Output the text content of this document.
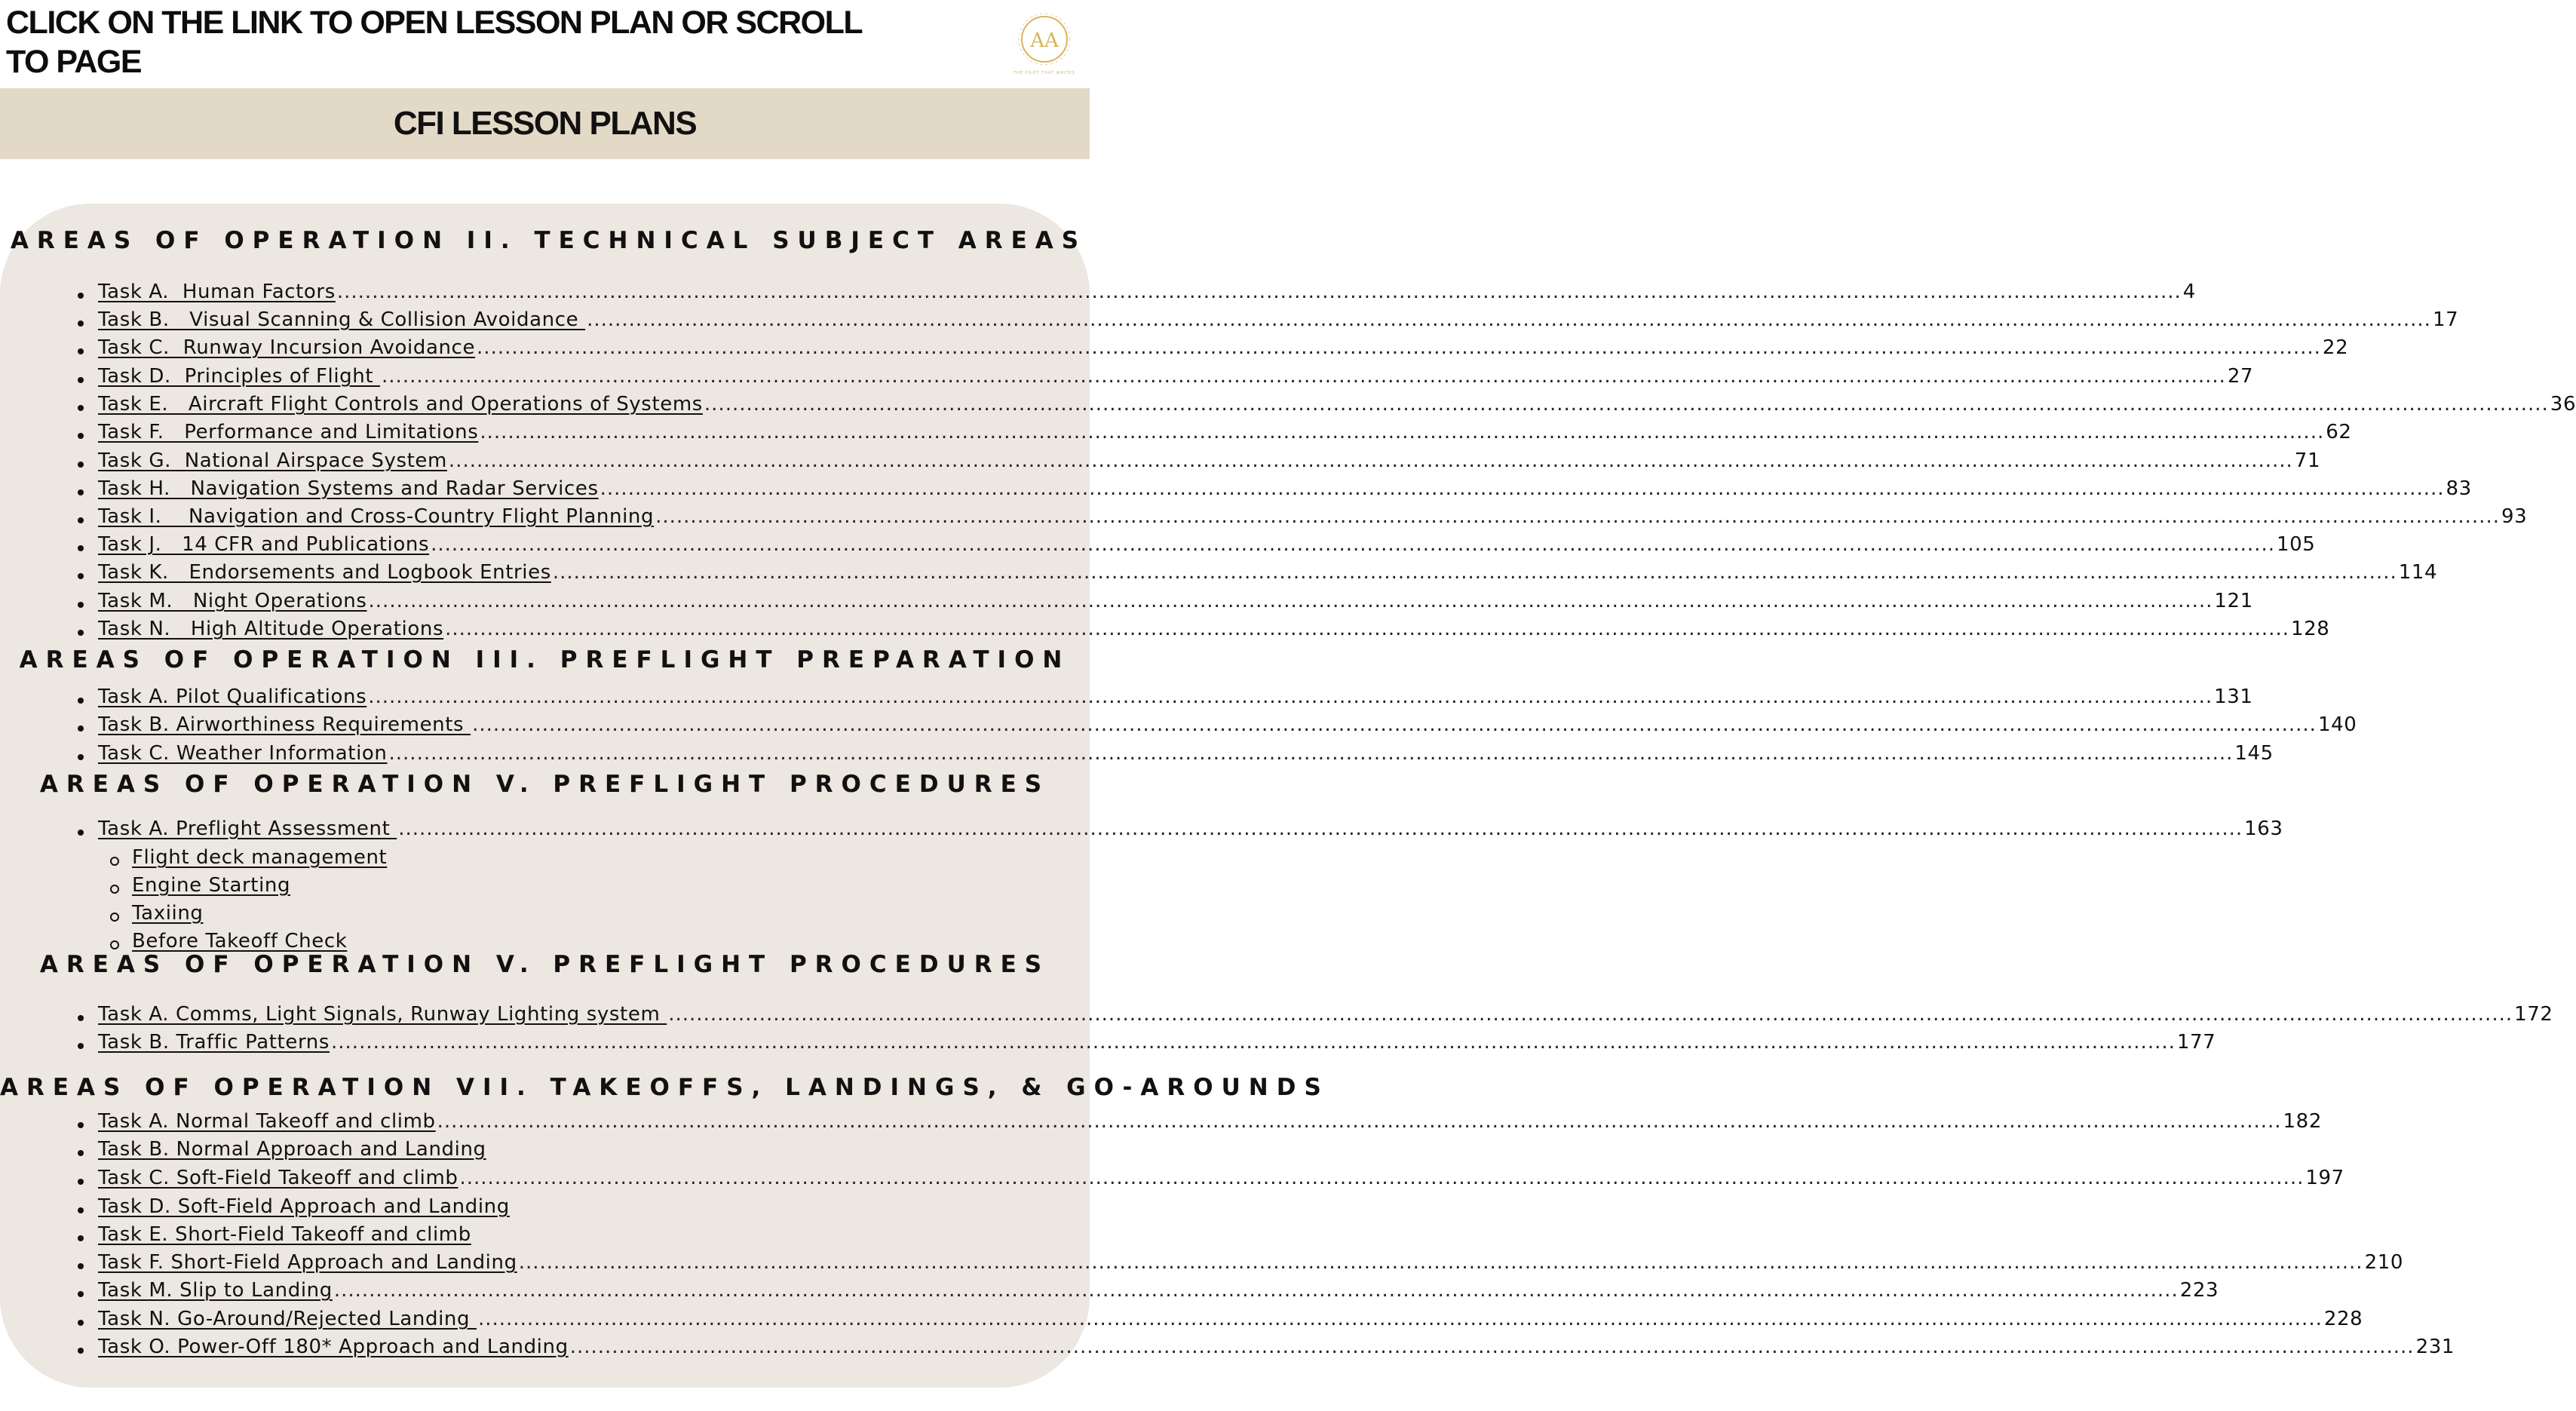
CLICK ON THE LINK TO OPEN LESSON PLAN OR SCROLL TO PAGE
AA
THE PILOT THAT WRITES
CFI LESSON PLANS
AREAS OF OPERATION II. TECHNICAL SUBJECT AREAS
Task A.  Human Factors .....	4
Task B.   Visual Scanning & Collision Avoidance .....	17
Task C.  Runway Incursion Avoidance .....	22
Task D.  Principles of Flight .....	27
Task E.   Aircraft Flight Controls and Operations of Systems .....	36
Task F.   Performance and Limitations .....	62
Task G.  National Airspace System .....	71
Task H.   Navigation Systems and Radar Services .....	83
Task I.    Navigation and Cross-Country Flight Planning .....	93
Task J.   14 CFR and Publications .....	105
Task K.   Endorsements and Logbook Entries .....	114
Task M.   Night Operations .....	121
Task N.   High Altitude Operations .....	128
AREAS OF OPERATION III. PREFLIGHT PREPARATION
Task A. Pilot Qualifications .....	131
Task B. Airworthiness Requirements .....	140
Task C. Weather Information .....	145
AREAS OF OPERATION V. PREFLIGHT PROCEDURES
Task A. Preflight Assessment .....	163
Flight deck management
Engine Starting
Taxiing
Before Takeoff Check
AREAS OF OPERATION V. PREFLIGHT PROCEDURES
Task A. Comms, Light Signals, Runway Lighting system .....	172
Task B. Traffic Patterns .....	177
AREAS OF OPERATION VII. TAKEOFFS, LANDINGS, & GO-AROUNDS
Task A. Normal Takeoff and climb .....	182
Task B. Normal Approach and Landing
Task C. Soft-Field Takeoff and climb .....	197
Task D. Soft-Field Approach and Landing
Task E. Short-Field Takeoff and climb
Task F. Short-Field Approach and Landing .....	210
Task M. Slip to Landing .....	223
Task N. Go-Around/Rejected Landing .....	228
Task O. Power-Off 180* Approach and Landing .....	231
